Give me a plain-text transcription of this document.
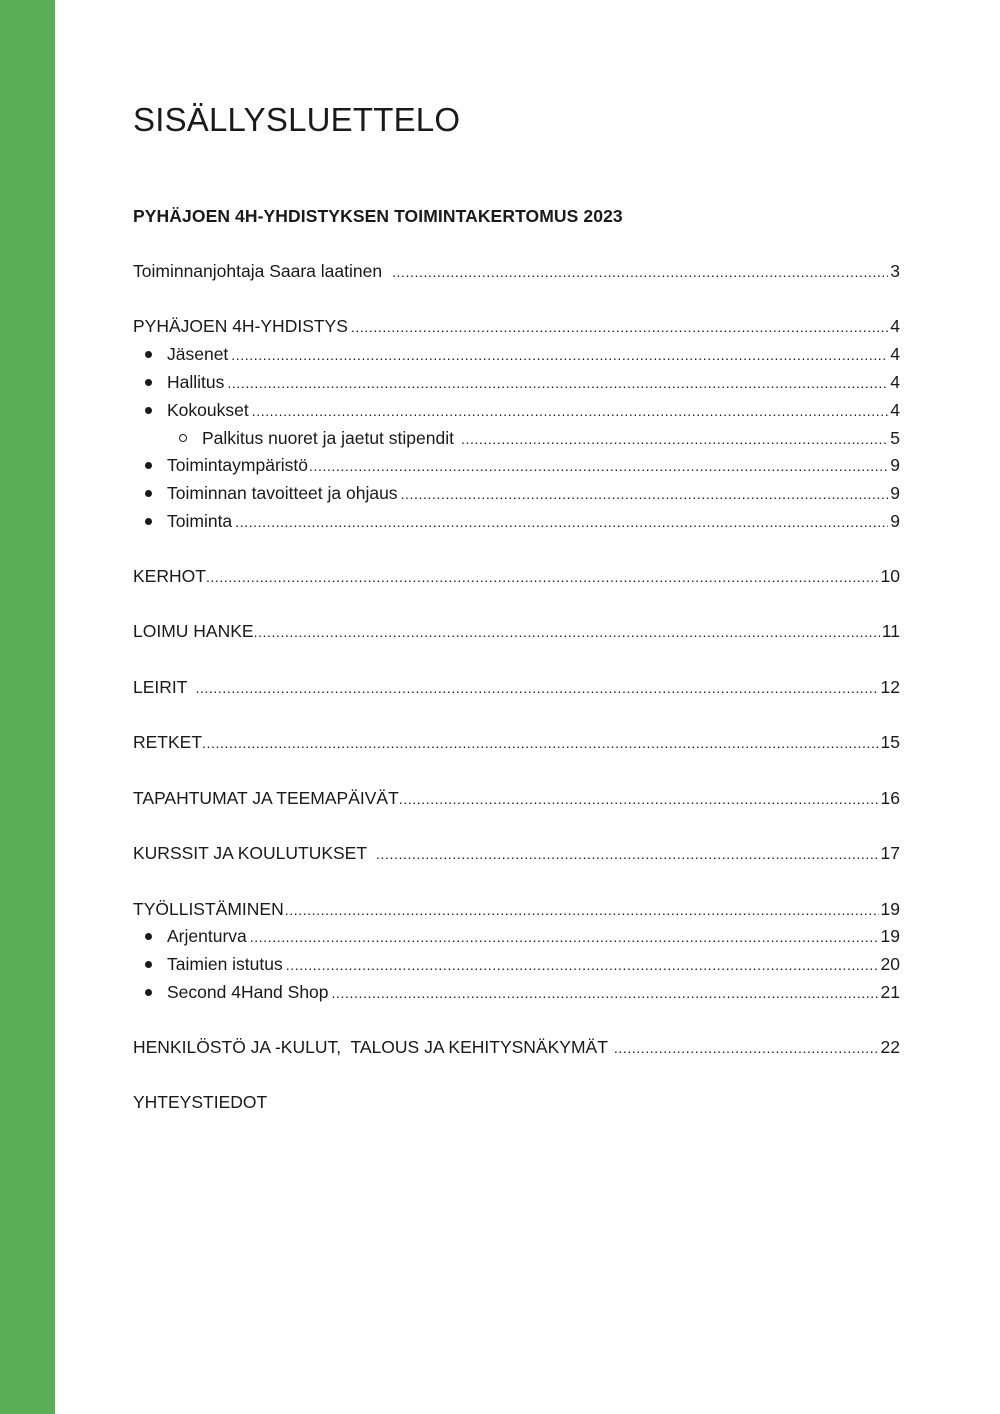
SISÄLLYSLUETTELO
PYHÄJOEN 4H-YHDISTYKSEN TOIMINTAKERTOMUS 2023
Toiminnanjohtaja Saara laatinen .....	3
PYHÄJOEN 4H-YHDISTYS .....	4
Jäsenet .....	4
Hallitus .....	4
Kokoukset .....	4
Palkitus nuoret ja jaetut stipendit .....	5
Toimintaympäristö .....	9
Toiminnan tavoitteet ja ohjaus .....	9
Toiminta .....	9
KERHOT .....	10
LOIMU HANKE .....	11
LEIRIT .....	12
RETKET .....	15
TAPAHTUMAT JA TEEMAPÄIVÄT .....	16
KURSSIT JA KOULUTUKSET .....	17
TYÖLLISTÄMINEN .....	19
Arjenturva .....	19
Taimien istutus .....	20
Second 4Hand Shop .....	21
HENKILÖSTÖ JA -KULUT,  TALOUS JA KEHITYSNÄKYMÄT .....	22
YHTEYSTIEDOT
